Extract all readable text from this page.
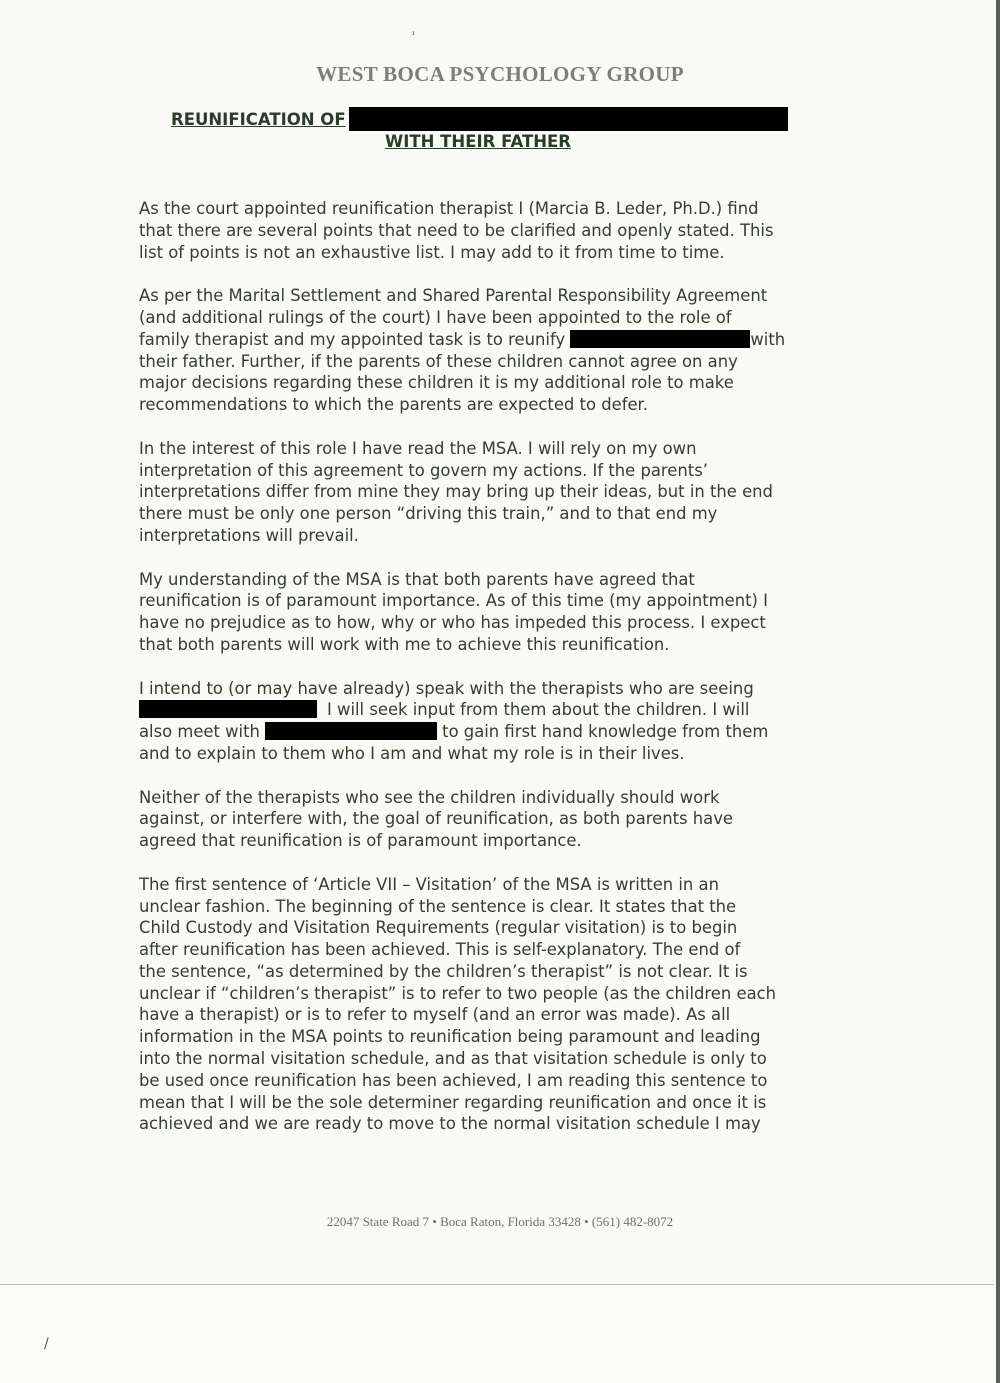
ᶦ
/
WEST BOCA PSYCHOLOGY GROUP
REUNIFICATION OF
WITH THEIR FATHER

As the court appointed reunification therapist I (Marcia B. Leder, Ph.D.) find
that there are several points that need to be clarified and openly stated. This
list of points is not an exhaustive list. I may add to it from time to time.

As per the Marital Settlement and Shared Parental Responsibility Agreement
(and additional rulings of the court) I have been appointed to the role of
family therapist and my appointed task is to reunify	with
their father. Further, if the parents of these children cannot agree on any
major decisions regarding these children it is my additional role to make
recommendations to which the parents are expected to defer.

In the interest of this role I have read the MSA. I will rely on my own
interpretation of this agreement to govern my actions. If the parents’
interpretations differ from mine they may bring up their ideas, but in the end
there must be only one person “driving this train,” and to that end my
interpretations will prevail.

My understanding of the MSA is that both parents have agreed that
reunification is of paramount importance. As of this time (my appointment) I
have no prejudice as to how, why or who has impeded this process. I expect
that both parents will work with me to achieve this reunification.

I intend to (or may have already) speak with the therapists who are seeing
I will seek input from them about the children. I will
also meet with	to gain first hand knowledge from them
and to explain to them who I am and what my role is in their lives.

Neither of the therapists who see the children individually should work
against, or interfere with, the goal of reunification, as both parents have
agreed that reunification is of paramount importance.

The first sentence of ‘Article VII – Visitation’ of the MSA is written in an
unclear fashion. The beginning of the sentence is clear. It states that the
Child Custody and Visitation Requirements (regular visitation) is to begin
after reunification has been achieved. This is self-explanatory. The end of
the sentence, “as determined by the children’s therapist” is not clear. It is
unclear if “children’s therapist” is to refer to two people (as the children each
have a therapist) or is to refer to myself (and an error was made). As all
information in the MSA points to reunification being paramount and leading
into the normal visitation schedule, and as that visitation schedule is only to
be used once reunification has been achieved, I am reading this sentence to
mean that I will be the sole determiner regarding reunification and once it is
achieved and we are ready to move to the normal visitation schedule I may

22047 State Road 7 • Boca Raton, Florida 33428 • (561) 482-8072
